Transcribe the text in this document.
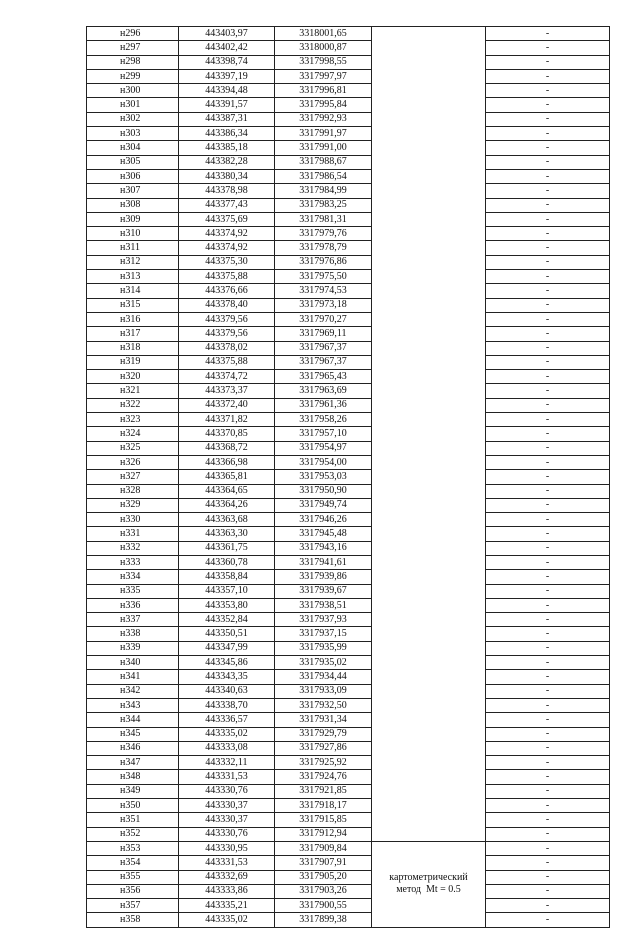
н296	443403,97	3318001,65		-
н297	443402,42	3318000,87		-
н298	443398,74	3317998,55		-
н299	443397,19	3317997,97		-
н300	443394,48	3317996,81		-
н301	443391,57	3317995,84		-
н302	443387,31	3317992,93		-
н303	443386,34	3317991,97		-
н304	443385,18	3317991,00		-
н305	443382,28	3317988,67		-
н306	443380,34	3317986,54		-
н307	443378,98	3317984,99		-
н308	443377,43	3317983,25		-
н309	443375,69	3317981,31		-
н310	443374,92	3317979,76		-
н311	443374,92	3317978,79		-
н312	443375,30	3317976,86		-
н313	443375,88	3317975,50		-
н314	443376,66	3317974,53		-
н315	443378,40	3317973,18		-
н316	443379,56	3317970,27		-
н317	443379,56	3317969,11		-
н318	443378,02	3317967,37		-
н319	443375,88	3317967,37		-
н320	443374,72	3317965,43		-
н321	443373,37	3317963,69		-
н322	443372,40	3317961,36		-
н323	443371,82	3317958,26		-
н324	443370,85	3317957,10		-
н325	443368,72	3317954,97		-
н326	443366,98	3317954,00		-
н327	443365,81	3317953,03		-
н328	443364,65	3317950,90		-
н329	443364,26	3317949,74		-
н330	443363,68	3317946,26		-
н331	443363,30	3317945,48		-
н332	443361,75	3317943,16		-
н333	443360,78	3317941,61		-
н334	443358,84	3317939,86		-
н335	443357,10	3317939,67		-
н336	443353,80	3317938,51		-
н337	443352,84	3317937,93		-
н338	443350,51	3317937,15		-
н339	443347,99	3317935,99		-
н340	443345,86	3317935,02		-
н341	443343,35	3317934,44		-
н342	443340,63	3317933,09		-
н343	443338,70	3317932,50		-
н344	443336,57	3317931,34		-
н345	443335,02	3317929,79		-
н346	443333,08	3317927,86		-
н347	443332,11	3317925,92		-
н348	443331,53	3317924,76		-
н349	443330,76	3317921,85		-
н350	443330,37	3317918,17		-
н351	443330,37	3317915,85		-
н352	443330,76	3317912,94		-
н353	443330,95	3317909,84	картометрический
метод  Mt = 0.5	-
н354	443331,53	3317907,91		-
н355	443332,69	3317905,20		-
н356	443333,86	3317903,26		-
н357	443335,21	3317900,55		-
н358	443335,02	3317899,38		-
